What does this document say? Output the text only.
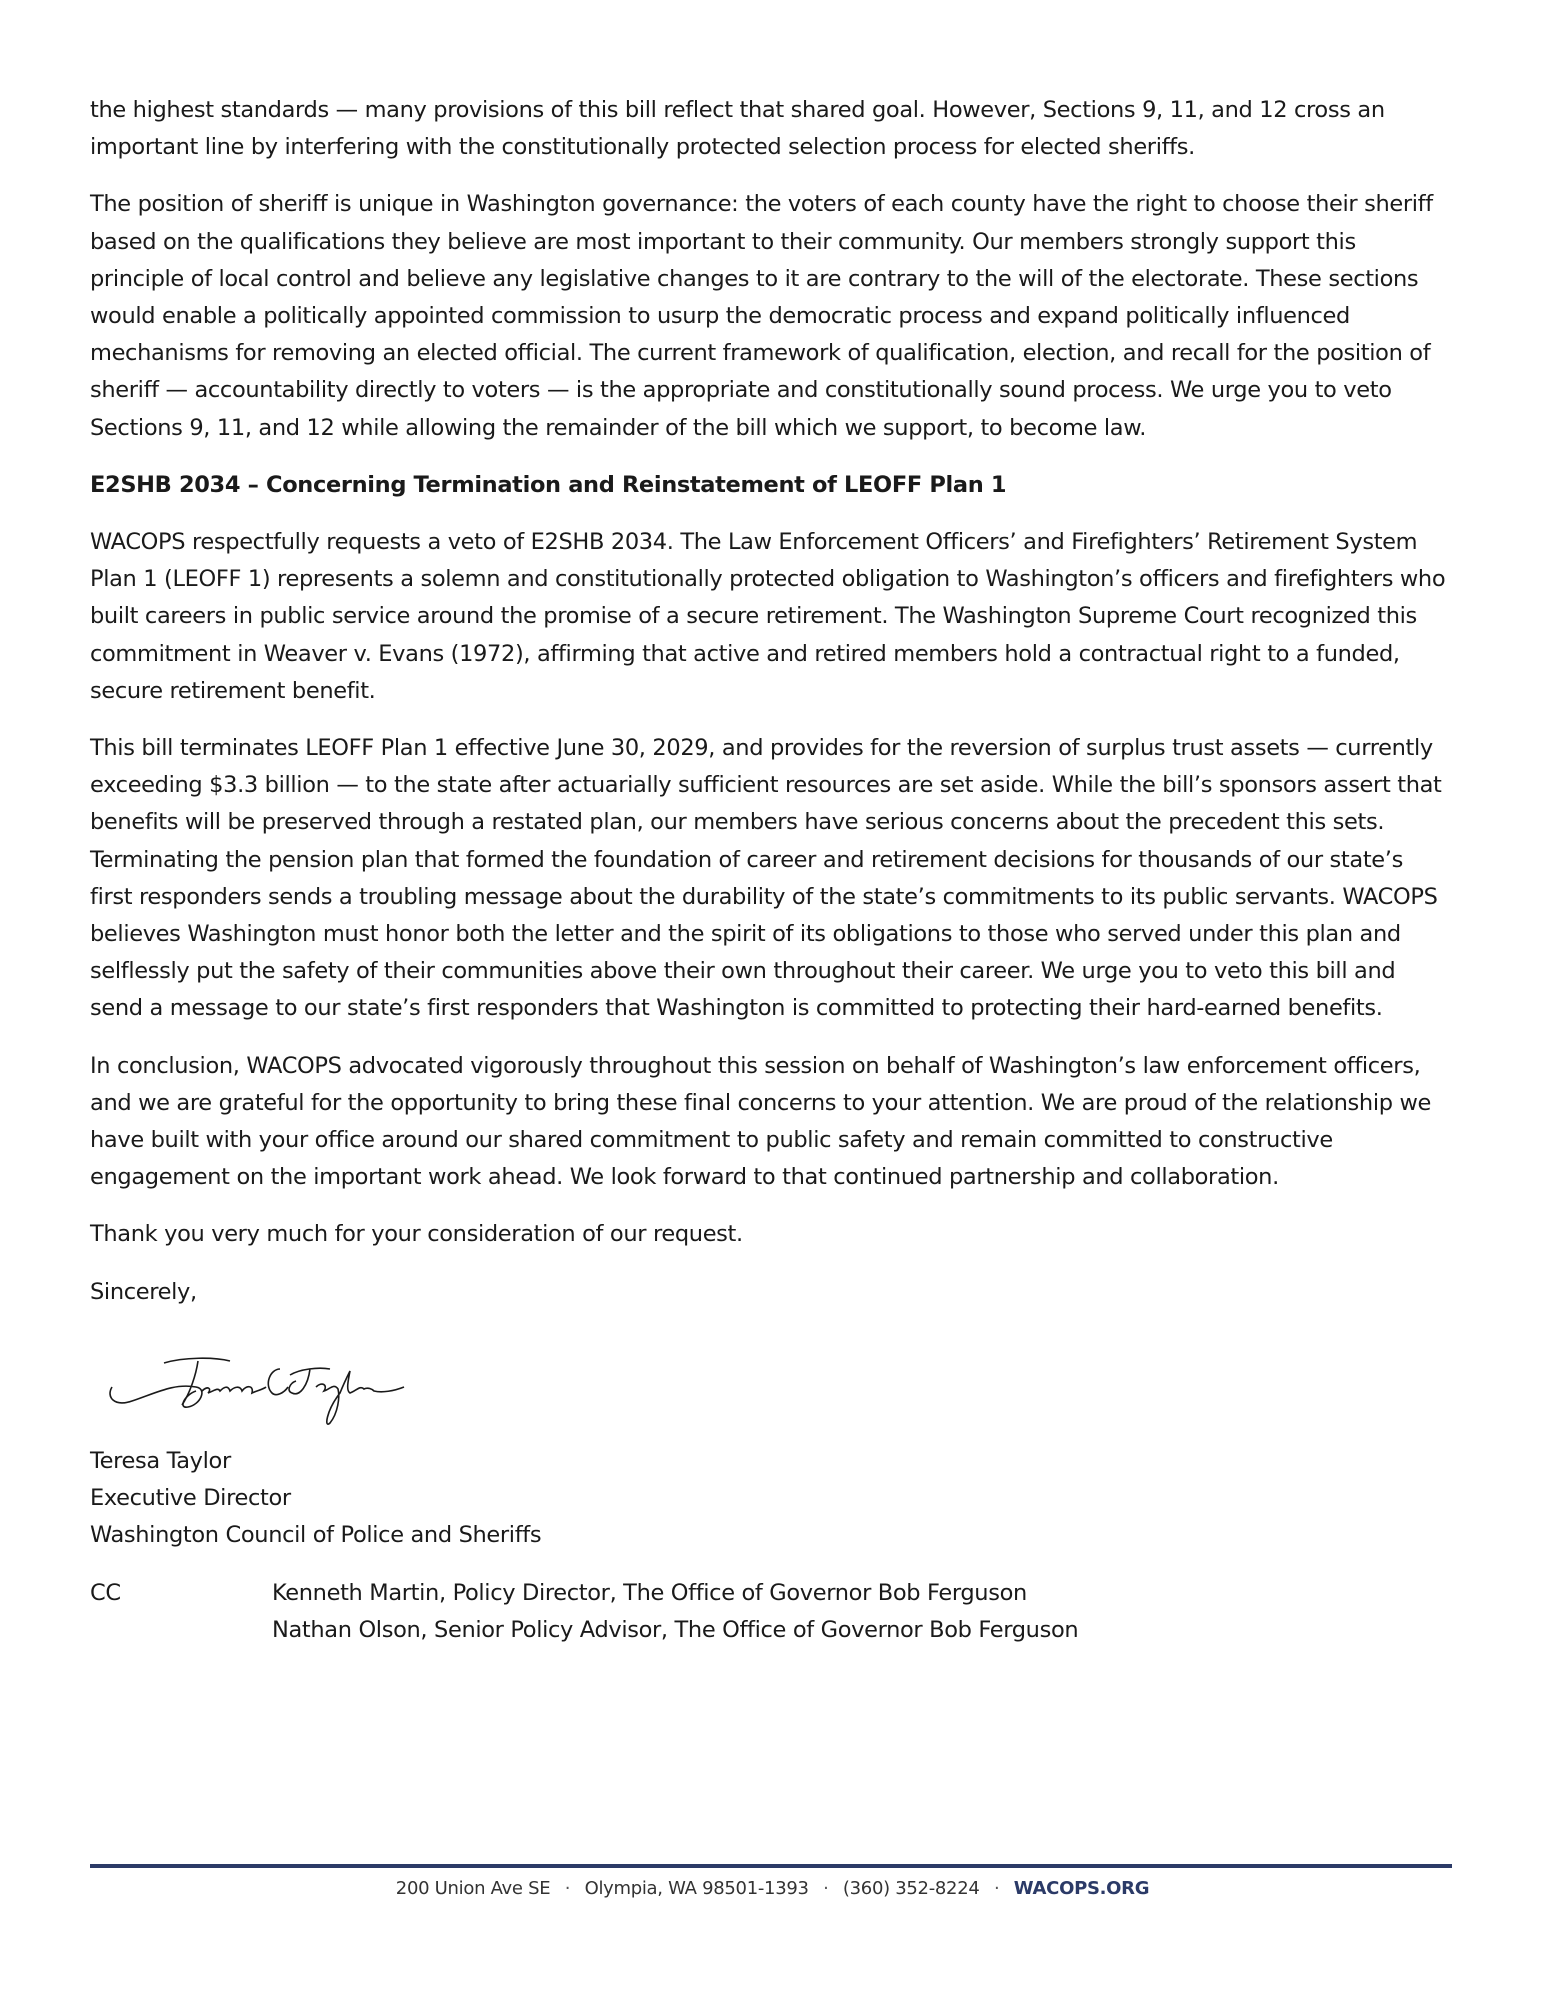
the highest standards — many provisions of this bill reflect that shared goal. However, Sections 9, 11, and 12 cross an important line by interfering with the constitutionally protected selection process for elected sheriffs.

The position of sheriff is unique in Washington governance: the voters of each county have the right to choose their sheriff based on the qualifications they believe are most important to their community. Our members strongly support this principle of local control and believe any legislative changes to it are contrary to the will of the electorate. These sections would enable a politically appointed commission to usurp the democratic process and expand politically influenced mechanisms for removing an elected official. The current framework of qualification, election, and recall for the position of sheriff — accountability directly to voters — is the appropriate and constitutionally sound process. We urge you to veto Sections 9, 11, and 12 while allowing the remainder of the bill which we support, to become law.

E2SHB 2034 – Concerning Termination and Reinstatement of LEOFF Plan 1

WACOPS respectfully requests a veto of E2SHB 2034. The Law Enforcement Officers’ and Firefighters’ Retirement System Plan 1 (LEOFF 1) represents a solemn and constitutionally protected obligation to Washington’s officers and firefighters who built careers in public service around the promise of a secure retirement. The Washington Supreme Court recognized this commitment in Weaver v. Evans (1972), affirming that active and retired members hold a contractual right to a funded, secure retirement benefit.

This bill terminates LEOFF Plan 1 effective June 30, 2029, and provides for the reversion of surplus trust assets — currently exceeding $3.3 billion — to the state after actuarially sufficient resources are set aside. While the bill’s sponsors assert that benefits will be preserved through a restated plan, our members have serious concerns about the precedent this sets. Terminating the pension plan that formed the foundation of career and retirement decisions for thousands of our state’s first responders sends a troubling message about the durability of the state’s commitments to its public servants. WACOPS believes Washington must honor both the letter and the spirit of its obligations to those who served under this plan and selflessly put the safety of their communities above their own throughout their career. We urge you to veto this bill and send a message to our state’s first responders that Washington is committed to protecting their hard-earned benefits.

In conclusion, WACOPS advocated vigorously throughout this session on behalf of Washington’s law enforcement officers, and we are grateful for the opportunity to bring these final concerns to your attention. We are proud of the relationship we have built with your office around our shared commitment to public safety and remain committed to constructive engagement on the important work ahead. We look forward to that continued partnership and collaboration.

Thank you very much for your consideration of our request.

Sincerely,

Teresa Taylor
Executive Director
Washington Council of Police and Sheriffs
CC	Kenneth Martin, Policy Director, The Office of Governor Bob Ferguson
Nathan Olson, Senior Policy Advisor, The Office of Governor Bob Ferguson
200 Union Ave SE · Olympia, WA 98501-1393 · (360) 352-8224 · WACOPS.ORG
